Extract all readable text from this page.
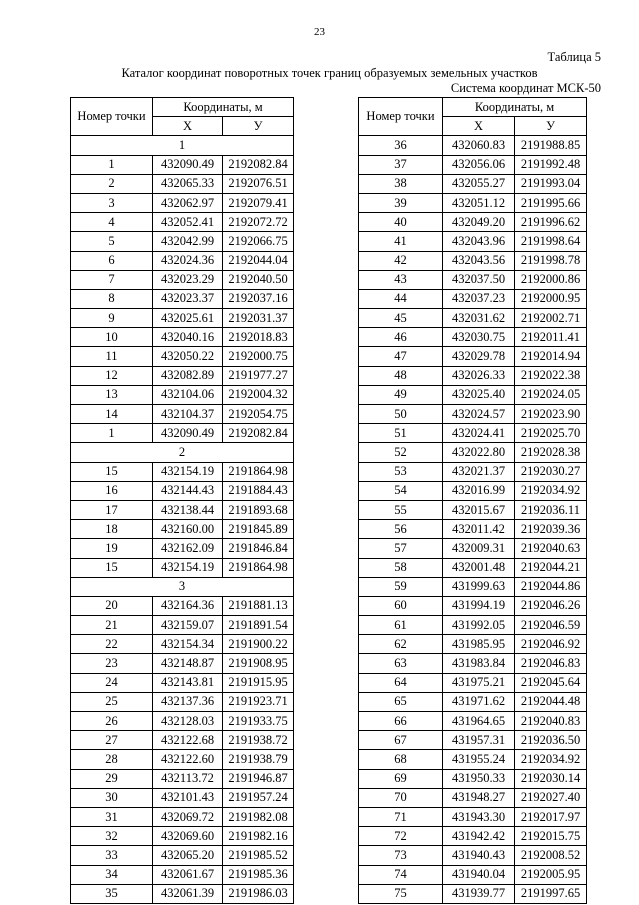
23
Таблица 5
Каталог координат поворотных точек границ образуемых земельных участков
Система координат МСК-50
Номер точки	Координаты, м	
	X	У
1		
1	432090.49	2192082.84
2	432065.33	2192076.51
3	432062.97	2192079.41
4	432052.41	2192072.72
5	432042.99	2192066.75
6	432024.36	2192044.04
7	432023.29	2192040.50
8	432023.37	2192037.16
9	432025.61	2192031.37
10	432040.16	2192018.83
11	432050.22	2192000.75
12	432082.89	2191977.27
13	432104.06	2192004.32
14	432104.37	2192054.75
1	432090.49	2192082.84
2		
15	432154.19	2191864.98
16	432144.43	2191884.43
17	432138.44	2191893.68
18	432160.00	2191845.89
19	432162.09	2191846.84
15	432154.19	2191864.98
3		
20	432164.36	2191881.13
21	432159.07	2191891.54
22	432154.34	2191900.22
23	432148.87	2191908.95
24	432143.81	2191915.95
25	432137.36	2191923.71
26	432128.03	2191933.75
27	432122.68	2191938.72
28	432122.60	2191938.79
29	432113.72	2191946.87
30	432101.43	2191957.24
31	432069.72	2191982.08
32	432069.60	2191982.16
33	432065.20	2191985.52
34	432061.67	2191985.36
35	432061.39	2191986.03
Номер точки	Координаты, м	
	X	У
36	432060.83	2191988.85
37	432056.06	2191992.48
38	432055.27	2191993.04
39	432051.12	2191995.66
40	432049.20	2191996.62
41	432043.96	2191998.64
42	432043.56	2191998.78
43	432037.50	2192000.86
44	432037.23	2192000.95
45	432031.62	2192002.71
46	432030.75	2192011.41
47	432029.78	2192014.94
48	432026.33	2192022.38
49	432025.40	2192024.05
50	432024.57	2192023.90
51	432024.41	2192025.70
52	432022.80	2192028.38
53	432021.37	2192030.27
54	432016.99	2192034.92
55	432015.67	2192036.11
56	432011.42	2192039.36
57	432009.31	2192040.63
58	432001.48	2192044.21
59	431999.63	2192044.86
60	431994.19	2192046.26
61	431992.05	2192046.59
62	431985.95	2192046.92
63	431983.84	2192046.83
64	431975.21	2192045.64
65	431971.62	2192044.48
66	431964.65	2192040.83
67	431957.31	2192036.50
68	431955.24	2192034.92
69	431950.33	2192030.14
70	431948.27	2192027.40
71	431943.30	2192017.97
72	431942.42	2192015.75
73	431940.43	2192008.52
74	431940.04	2192005.95
75	431939.77	2191997.65
